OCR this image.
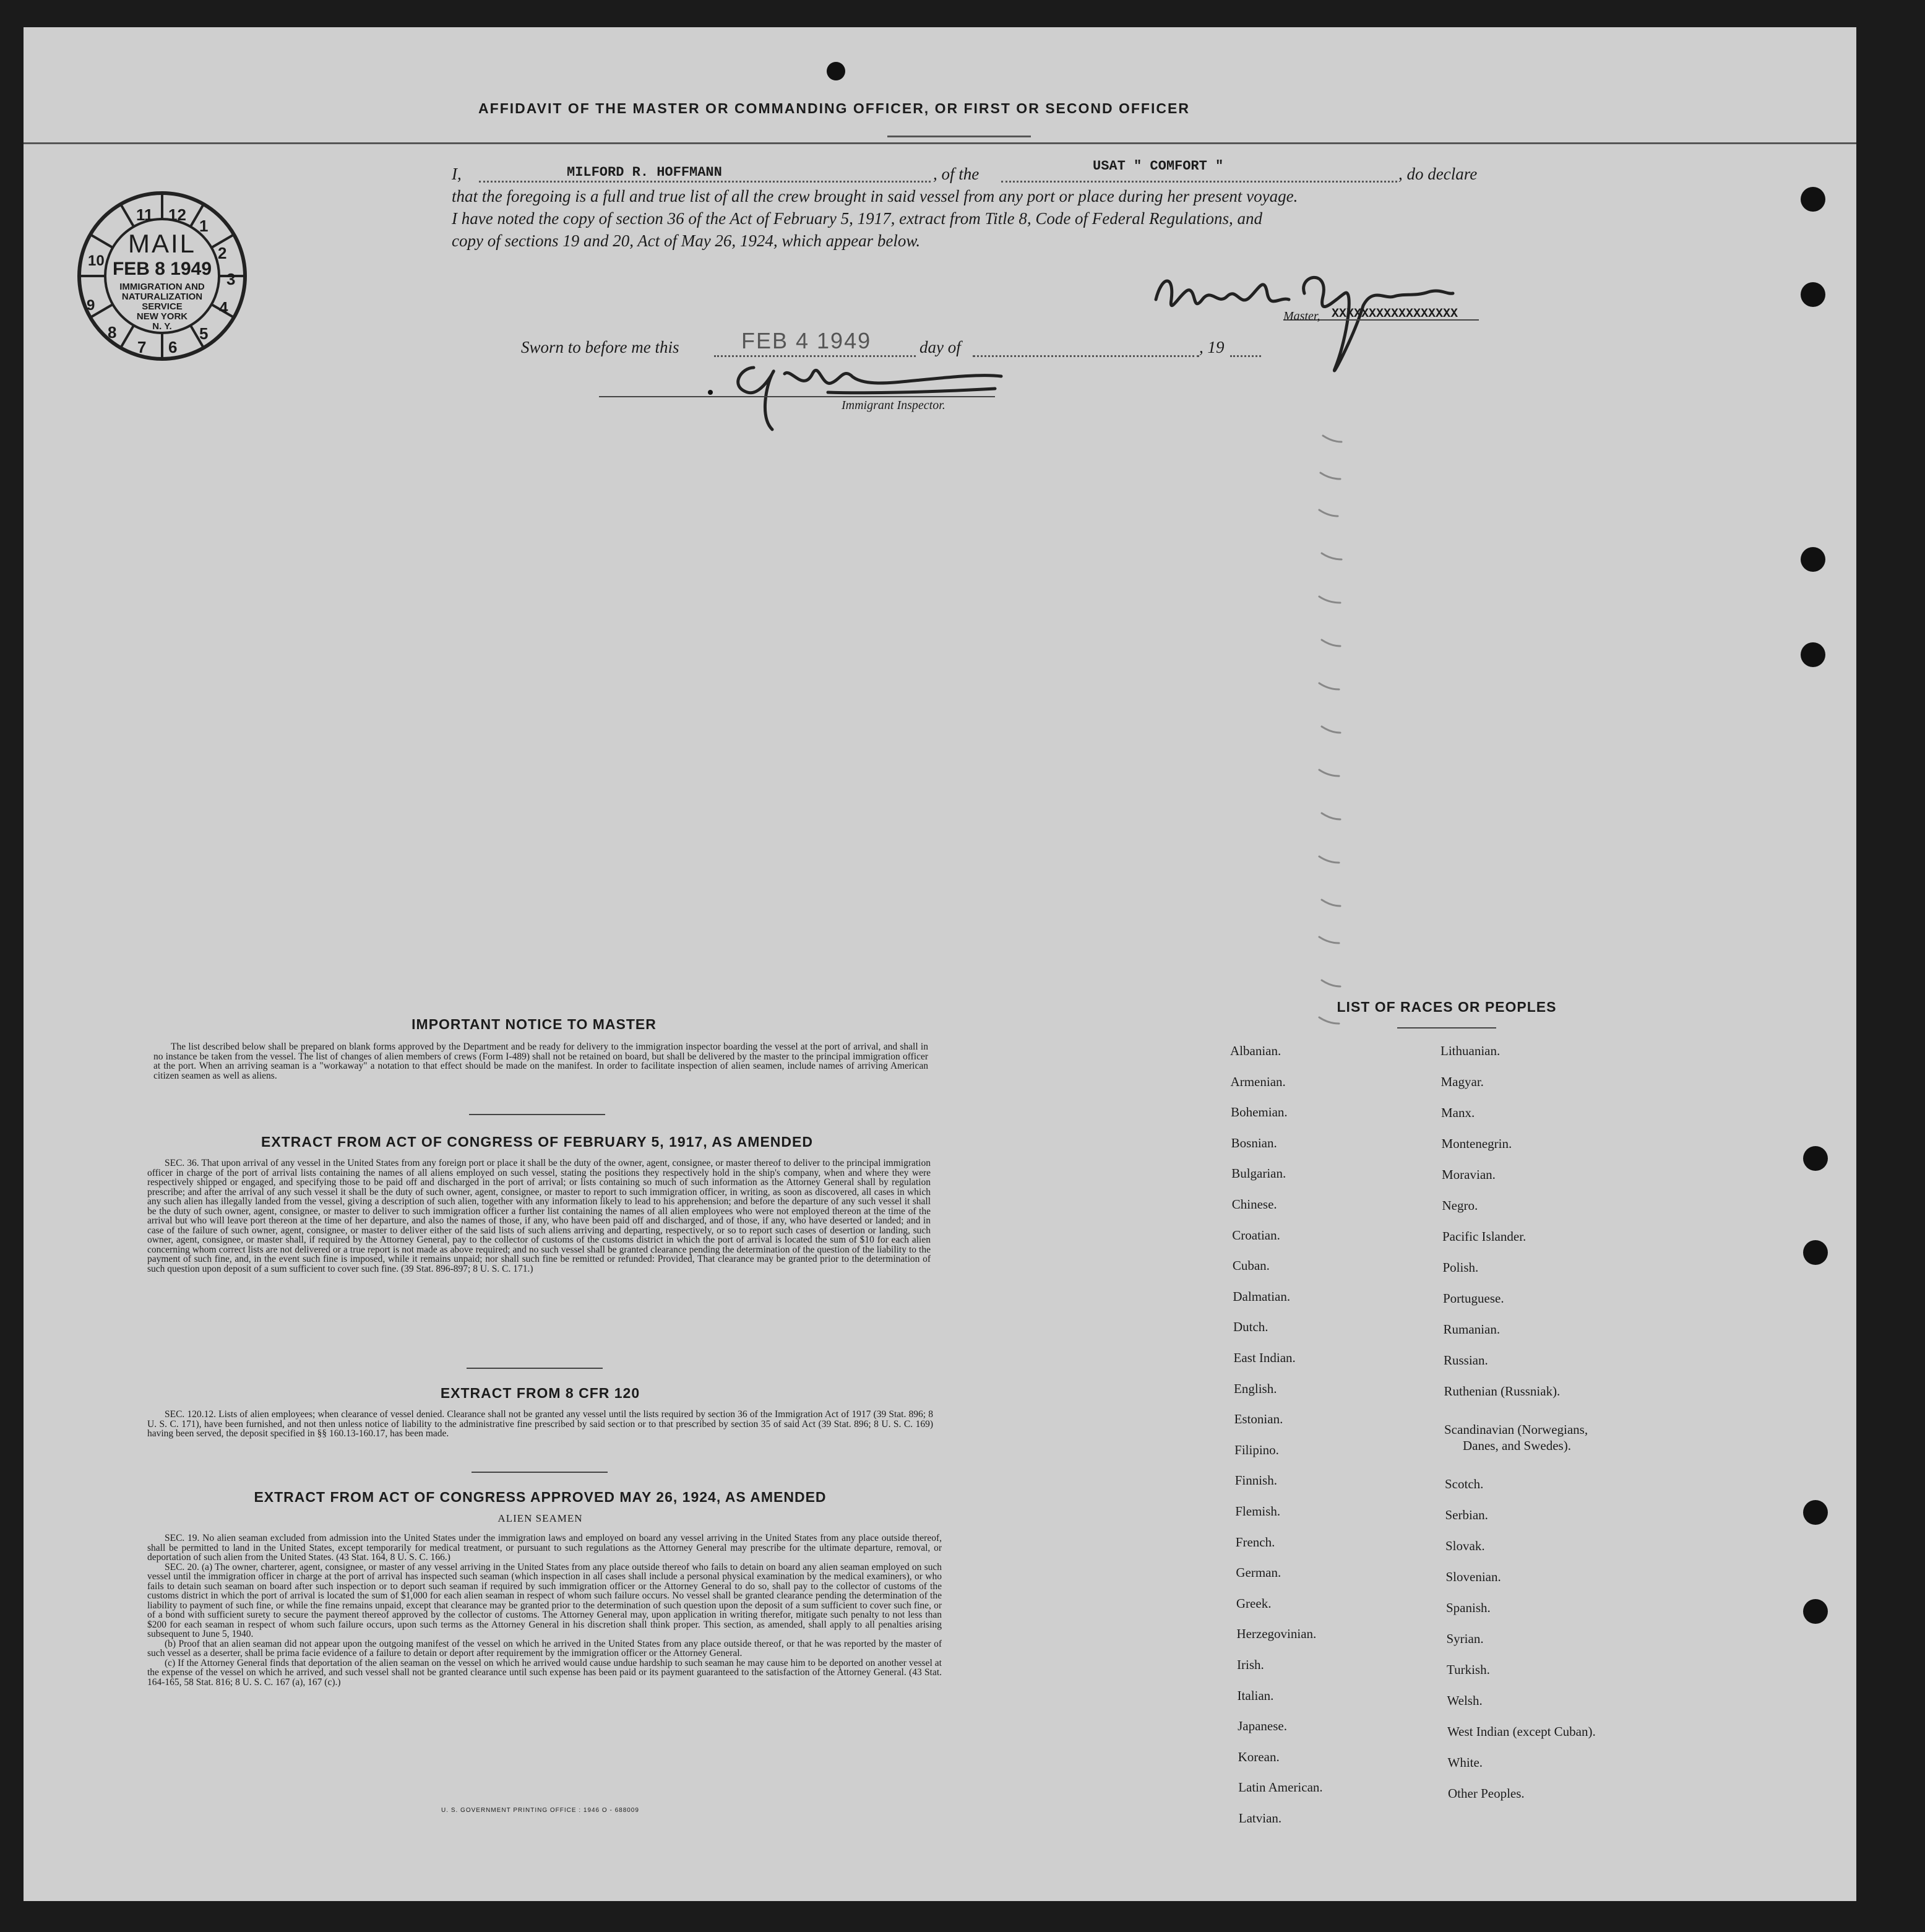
AFFIDAVIT OF THE MASTER OR COMMANDING OFFICER, OR FIRST OR SECOND OFFICER
12
11
1
2
3
4
5
6
7
8
9
10
MAIL
FEB 8 1949
IMMIGRATION AND
NATURALIZATION
SERVICE
NEW YORK
N. Y.
I,	MILFORD R. HOFFMANN	, of the	USAT " COMFORT "	, do declare
that the foregoing is a full and true list of all the crew brought in said vessel from any port or place during her present voyage.
I have noted the copy of section 36 of the Act of February 5, 1917, extract from Title 8, Code of Federal Regulations, and
copy of sections 19 and 20, Act of May 26, 1924, which appear below.
Master, XXXXXXXXXXXXXXXXX
Sworn to before me this	FEB 4 1949	day of	, 19
Immigrant Inspector.
IMPORTANT NOTICE TO MASTER
The list described below shall be prepared on blank forms approved by the Department and be ready for delivery to the immigration inspector boarding the vessel at the port of arrival, and shall in no instance be taken from the vessel. The list of changes of alien members of crews (Form I-489) shall not be retained on board, but shall be delivered by the master to the principal immigration officer at the port. When an arriving seaman is a "workaway" a notation to that effect should be made on the manifest. In order to facilitate inspection of alien seamen, include names of arriving American citizen seamen as well as aliens.
EXTRACT FROM ACT OF CONGRESS OF FEBRUARY 5, 1917, AS AMENDED
SEC. 36. That upon arrival of any vessel in the United States from any foreign port or place it shall be the duty of the owner, agent, consignee, or master thereof to deliver to the principal immigration officer in charge of the port of arrival lists containing the names of all aliens employed on such vessel, stating the positions they respectively hold in the ship's company, when and where they were respectively shipped or engaged, and specifying those to be paid off and discharged in the port of arrival; or lists containing so much of such information as the Attorney General shall by regulation prescribe; and after the arrival of any such vessel it shall be the duty of such owner, agent, consignee, or master to report to such immigration officer, in writing, as soon as discovered, all cases in which any such alien has illegally landed from the vessel, giving a description of such alien, together with any information likely to lead to his apprehension; and before the departure of any such vessel it shall be the duty of such owner, agent, consignee, or master to deliver to such immigration officer a further list containing the names of all alien employees who were not employed thereon at the time of the arrival but who will leave port thereon at the time of her departure, and also the names of those, if any, who have been paid off and discharged, and of those, if any, who have deserted or landed; and in case of the failure of such owner, agent, consignee, or master to deliver either of the said lists of such aliens arriving and departing, respectively, or so to report such cases of desertion or landing, such owner, agent, consignee, or master shall, if required by the Attorney General, pay to the collector of customs of the customs district in which the port of arrival is located the sum of $10 for each alien concerning whom correct lists are not delivered or a true report is not made as above required; and no such vessel shall be granted clearance pending the determination of the question of the liability to the payment of such fine, and, in the event such fine is imposed, while it remains unpaid; nor shall such fine be remitted or refunded: Provided, That clearance may be granted prior to the determination of such question upon deposit of a sum sufficient to cover such fine. (39 Stat. 896-897; 8 U. S. C. 171.)
EXTRACT FROM 8 CFR 120
SEC. 120.12. Lists of alien employees; when clearance of vessel denied. Clearance shall not be granted any vessel until the lists required by section 36 of the Immigration Act of 1917 (39 Stat. 896; 8 U. S. C. 171), have been furnished, and not then unless notice of liability to the administrative fine prescribed by said section or to that prescribed by section 35 of said Act (39 Stat. 896; 8 U. S. C. 169) having been served, the deposit specified in §§ 160.13-160.17, has been made.
EXTRACT FROM ACT OF CONGRESS APPROVED MAY 26, 1924, AS AMENDED
ALIEN SEAMEN

SEC. 19. No alien seaman excluded from admission into the United States under the immigration laws and employed on board any vessel arriving in the United States from any place outside thereof, shall be permitted to land in the United States, except temporarily for medical treatment, or pursuant to such regulations as the Attorney General may prescribe for the ultimate departure, removal, or deportation of such alien from the United States. (43 Stat. 164, 8 U. S. C. 166.)

SEC. 20. (a) The owner, charterer, agent, consignee, or master of any vessel arriving in the United States from any place outside thereof who fails to detain on board any alien seaman employed on such vessel until the immigration officer in charge at the port of arrival has inspected such seaman (which inspection in all cases shall include a personal physical examination by the medical examiners), or who fails to detain such seaman on board after such inspection or to deport such seaman if required by such immigration officer or the Attorney General to do so, shall pay to the collector of customs of the customs district in which the port of arrival is located the sum of $1,000 for each alien seaman in respect of whom such failure occurs. No vessel shall be granted clearance pending the determination of the liability to payment of such fine, or while the fine remains unpaid, except that clearance may be granted prior to the determination of such question upon the deposit of a sum sufficient to cover such fine, or of a bond with sufficient surety to secure the payment thereof approved by the collector of customs. The Attorney General may, upon application in writing therefor, mitigate such penalty to not less than $200 for each seaman in respect of whom such failure occurs, upon such terms as the Attorney General in his discretion shall think proper. This section, as amended, shall apply to all penalties arising subsequent to June 5, 1940.

(b) Proof that an alien seaman did not appear upon the outgoing manifest of the vessel on which he arrived in the United States from any place outside thereof, or that he was reported by the master of such vessel as a deserter, shall be prima facie evidence of a failure to detain or deport after requirement by the immigration officer or the Attorney General.

(c) If the Attorney General finds that deportation of the alien seaman on the vessel on which he arrived would cause undue hardship to such seaman he may cause him to be deported on another vessel at the expense of the vessel on which he arrived, and such vessel shall not be granted clearance until such expense has been paid or its payment guaranteed to the satisfaction of the Attorney General. (43 Stat. 164-165, 58 Stat. 816; 8 U. S. C. 167 (a), 167 (c).)

U. S. GOVERNMENT PRINTING OFFICE : 1946 O - 688009
LIST OF RACES OR PEOPLES
Albanian.
Armenian.
Bohemian.
Bosnian.
Bulgarian.
Chinese.
Croatian.
Cuban.
Dalmatian.
Dutch.
East Indian.
English.
Estonian.
Filipino.
Finnish.
Flemish.
French.
German.
Greek.
Herzegovinian.
Irish.
Italian.
Japanese.
Korean.
Latin American.
Latvian.
Lithuanian.
Magyar.
Manx.
Montenegrin.
Moravian.
Negro.
Pacific Islander.
Polish.
Portuguese.
Rumanian.
Russian.
Ruthenian (Russniak).
Scandinavian (Norwegians,
Danes, and Swedes).
Scotch.
Serbian.
Slovak.
Slovenian.
Spanish.
Syrian.
Turkish.
Welsh.
West Indian (except Cuban).
White.
Other Peoples.
